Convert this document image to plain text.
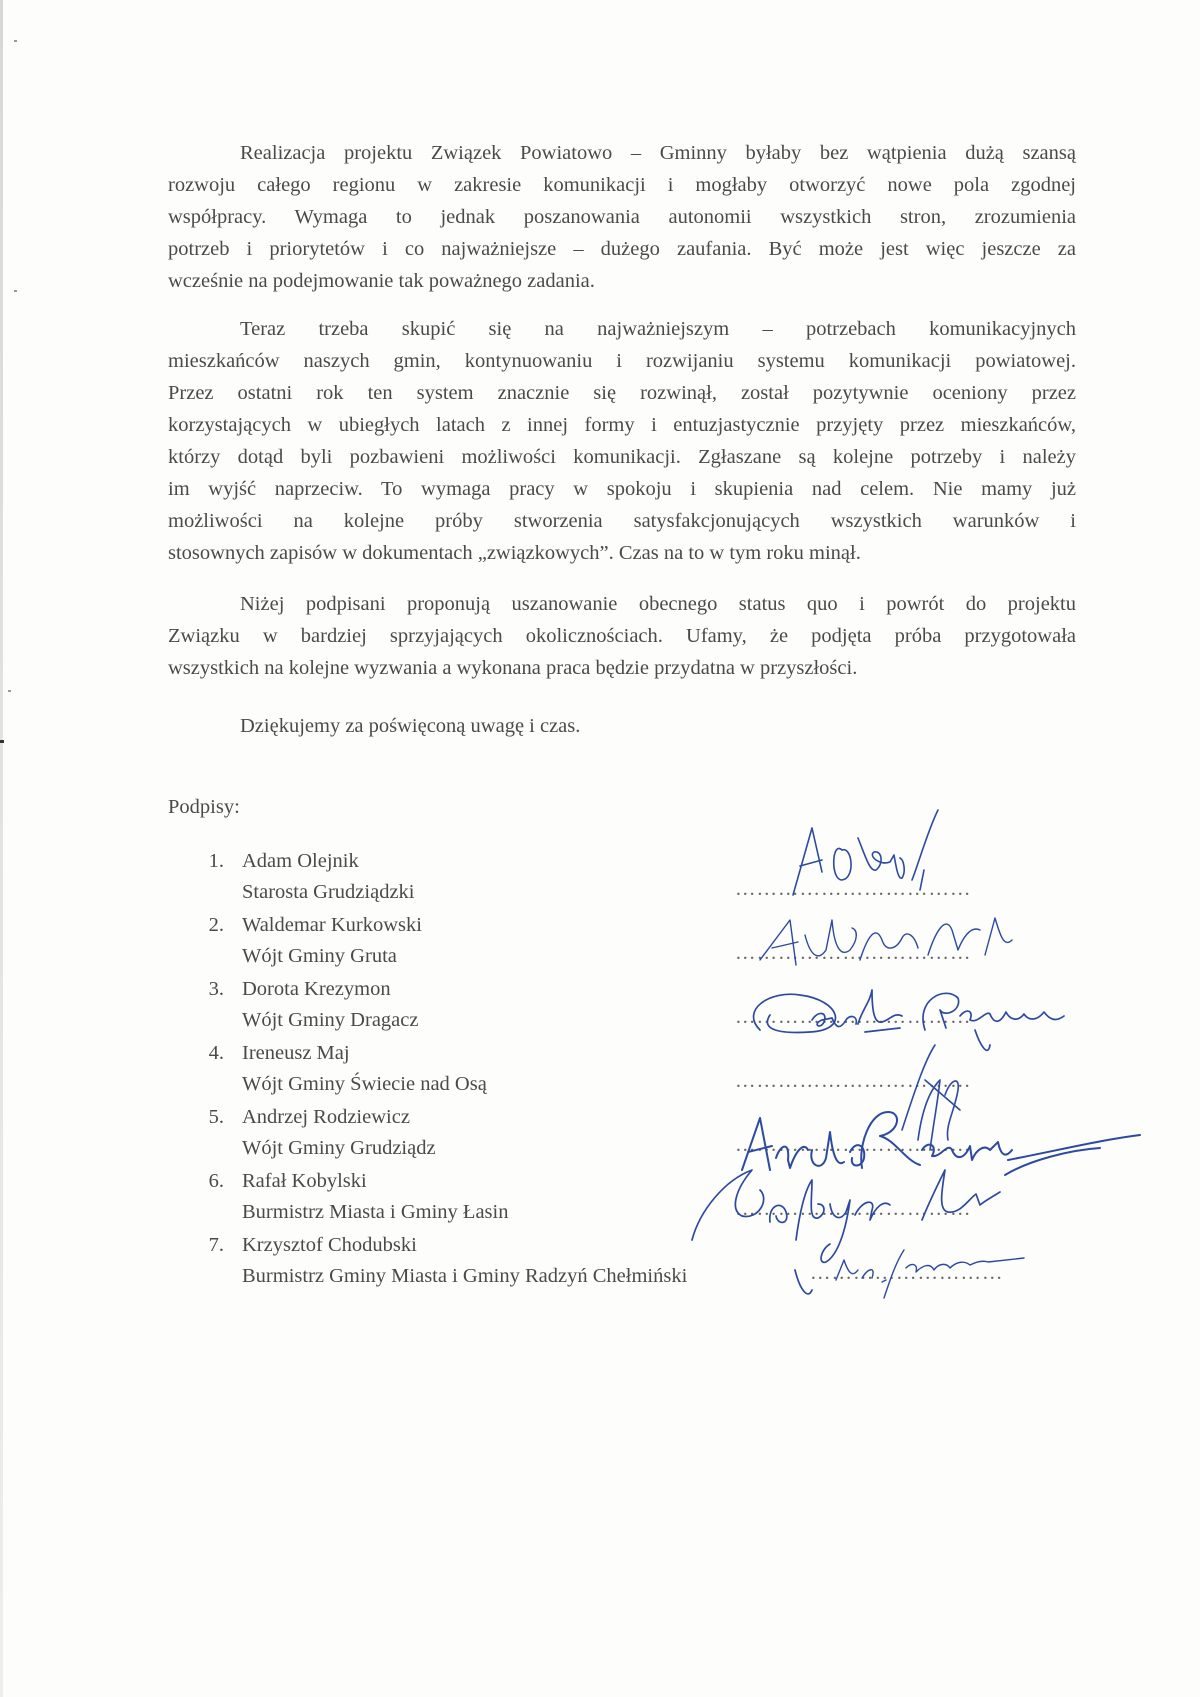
Realizacja projektu Związek Powiatowo – Gminny byłaby bez wątpienia dużą szansą
rozwoju całego regionu w zakresie komunikacji i mogłaby otworzyć nowe pola zgodnej
współpracy. Wymaga to jednak poszanowania autonomii wszystkich stron, zrozumienia
potrzeb i priorytetów i co najważniejsze – dużego zaufania. Być może jest więc jeszcze za
wcześnie na podejmowanie tak poważnego zadania.
Teraz trzeba skupić się na najważniejszym – potrzebach komunikacyjnych
mieszkańców naszych gmin, kontynuowaniu i rozwijaniu systemu komunikacji powiatowej.
Przez ostatni rok ten system znacznie się rozwinął, został pozytywnie oceniony przez
korzystających w ubiegłych latach z innej formy i entuzjastycznie przyjęty przez mieszkańców,
którzy dotąd byli pozbawieni możliwości komunikacji. Zgłaszane są kolejne potrzeby i należy
im wyjść naprzeciw. To wymaga pracy w spokoju i skupienia nad celem. Nie mamy już
możliwości na kolejne próby stworzenia satysfakcjonujących wszystkich warunków i
stosownych zapisów w dokumentach „związkowych”. Czas na to w tym roku minął.
Niżej podpisani proponują uszanowanie obecnego status quo i powrót do projektu
Związku w bardziej sprzyjających okolicznościach. Ufamy, że podjęta próba przygotowała
wszystkich na kolejne wyzwania a wykonana praca będzie przydatna w przyszłości.
Dziękujemy za poświęconą uwagę i czas.

Podpisy:

1. Adam Olejnik
Starosta Grudziądzki	……………………………
2. Waldemar Kurkowski
Wójt Gminy Gruta	……………………………
3. Dorota Krezymon
Wójt Gminy Dragacz	……………………………
4. Ireneusz Maj
Wójt Gminy Świecie nad Osą	……………………………
5. Andrzej Rodziewicz
Wójt Gminy Grudziądz	……………………………
6. Rafał Kobylski
Burmistrz Miasta i Gminy Łasin	……………………………
7. Krzysztof Chodubski
Burmistrz Gminy Miasta i Gminy Radzyń Chełmiński	………………………
